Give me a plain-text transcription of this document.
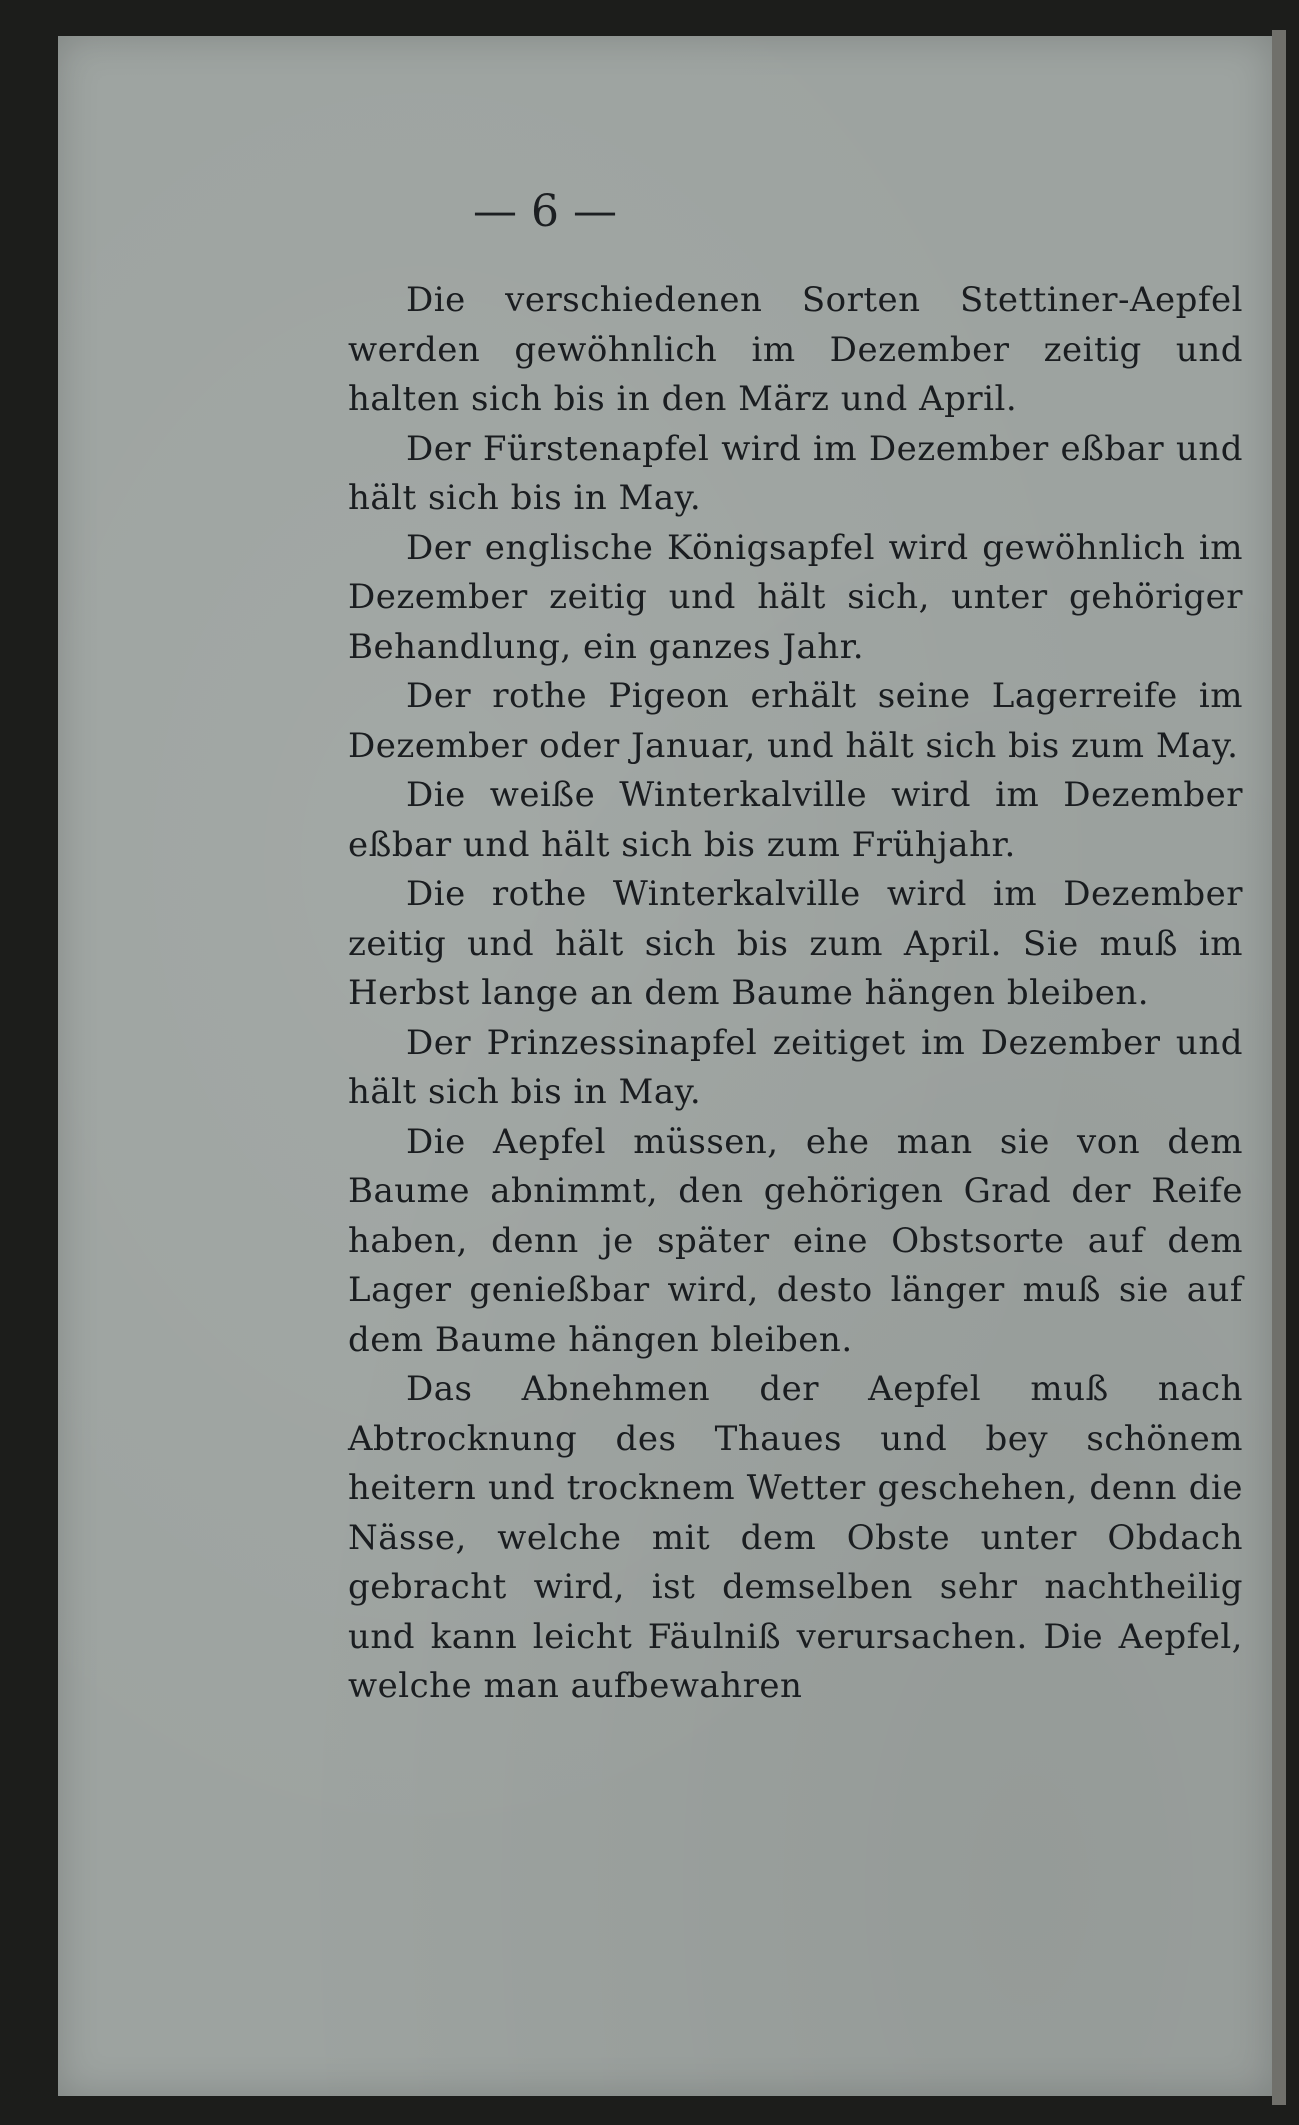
— 6 —

Die verschiedenen Sorten Stettiner-Aepfel werden gewöhnlich im Dezember zeitig und halten sich bis in den März und April.

Der Fürstenapfel wird im Dezember eßbar und hält sich bis in May.

Der englische Königsapfel wird gewöhnlich im Dezember zeitig und hält sich, unter gehöriger Behandlung, ein ganzes Jahr.

Der rothe Pigeon erhält seine Lagerreife im Dezember oder Januar, und hält sich bis zum May.

Die weiße Winterkalville wird im Dezember eßbar und hält sich bis zum Frühjahr.

Die rothe Winterkalville wird im Dezember zeitig und hält sich bis zum April. Sie muß im Herbst lange an dem Baume hängen bleiben.

Der Prinzessinapfel zeitiget im Dezember und hält sich bis in May.

Die Aepfel müssen, ehe man sie von dem Baume abnimmt, den gehörigen Grad der Reife haben, denn je später eine Obstsorte auf dem Lager genießbar wird, desto länger muß sie auf dem Baume hängen bleiben.

Das Abnehmen der Aepfel muß nach Abtrocknung des Thaues und bey schönem heitern und trocknem Wetter geschehen, denn die Nässe, welche mit dem Obste unter Obdach gebracht wird, ist demselben sehr nachtheilig und kann leicht Fäulniß verursachen. Die Aepfel, welche man aufbewahren
